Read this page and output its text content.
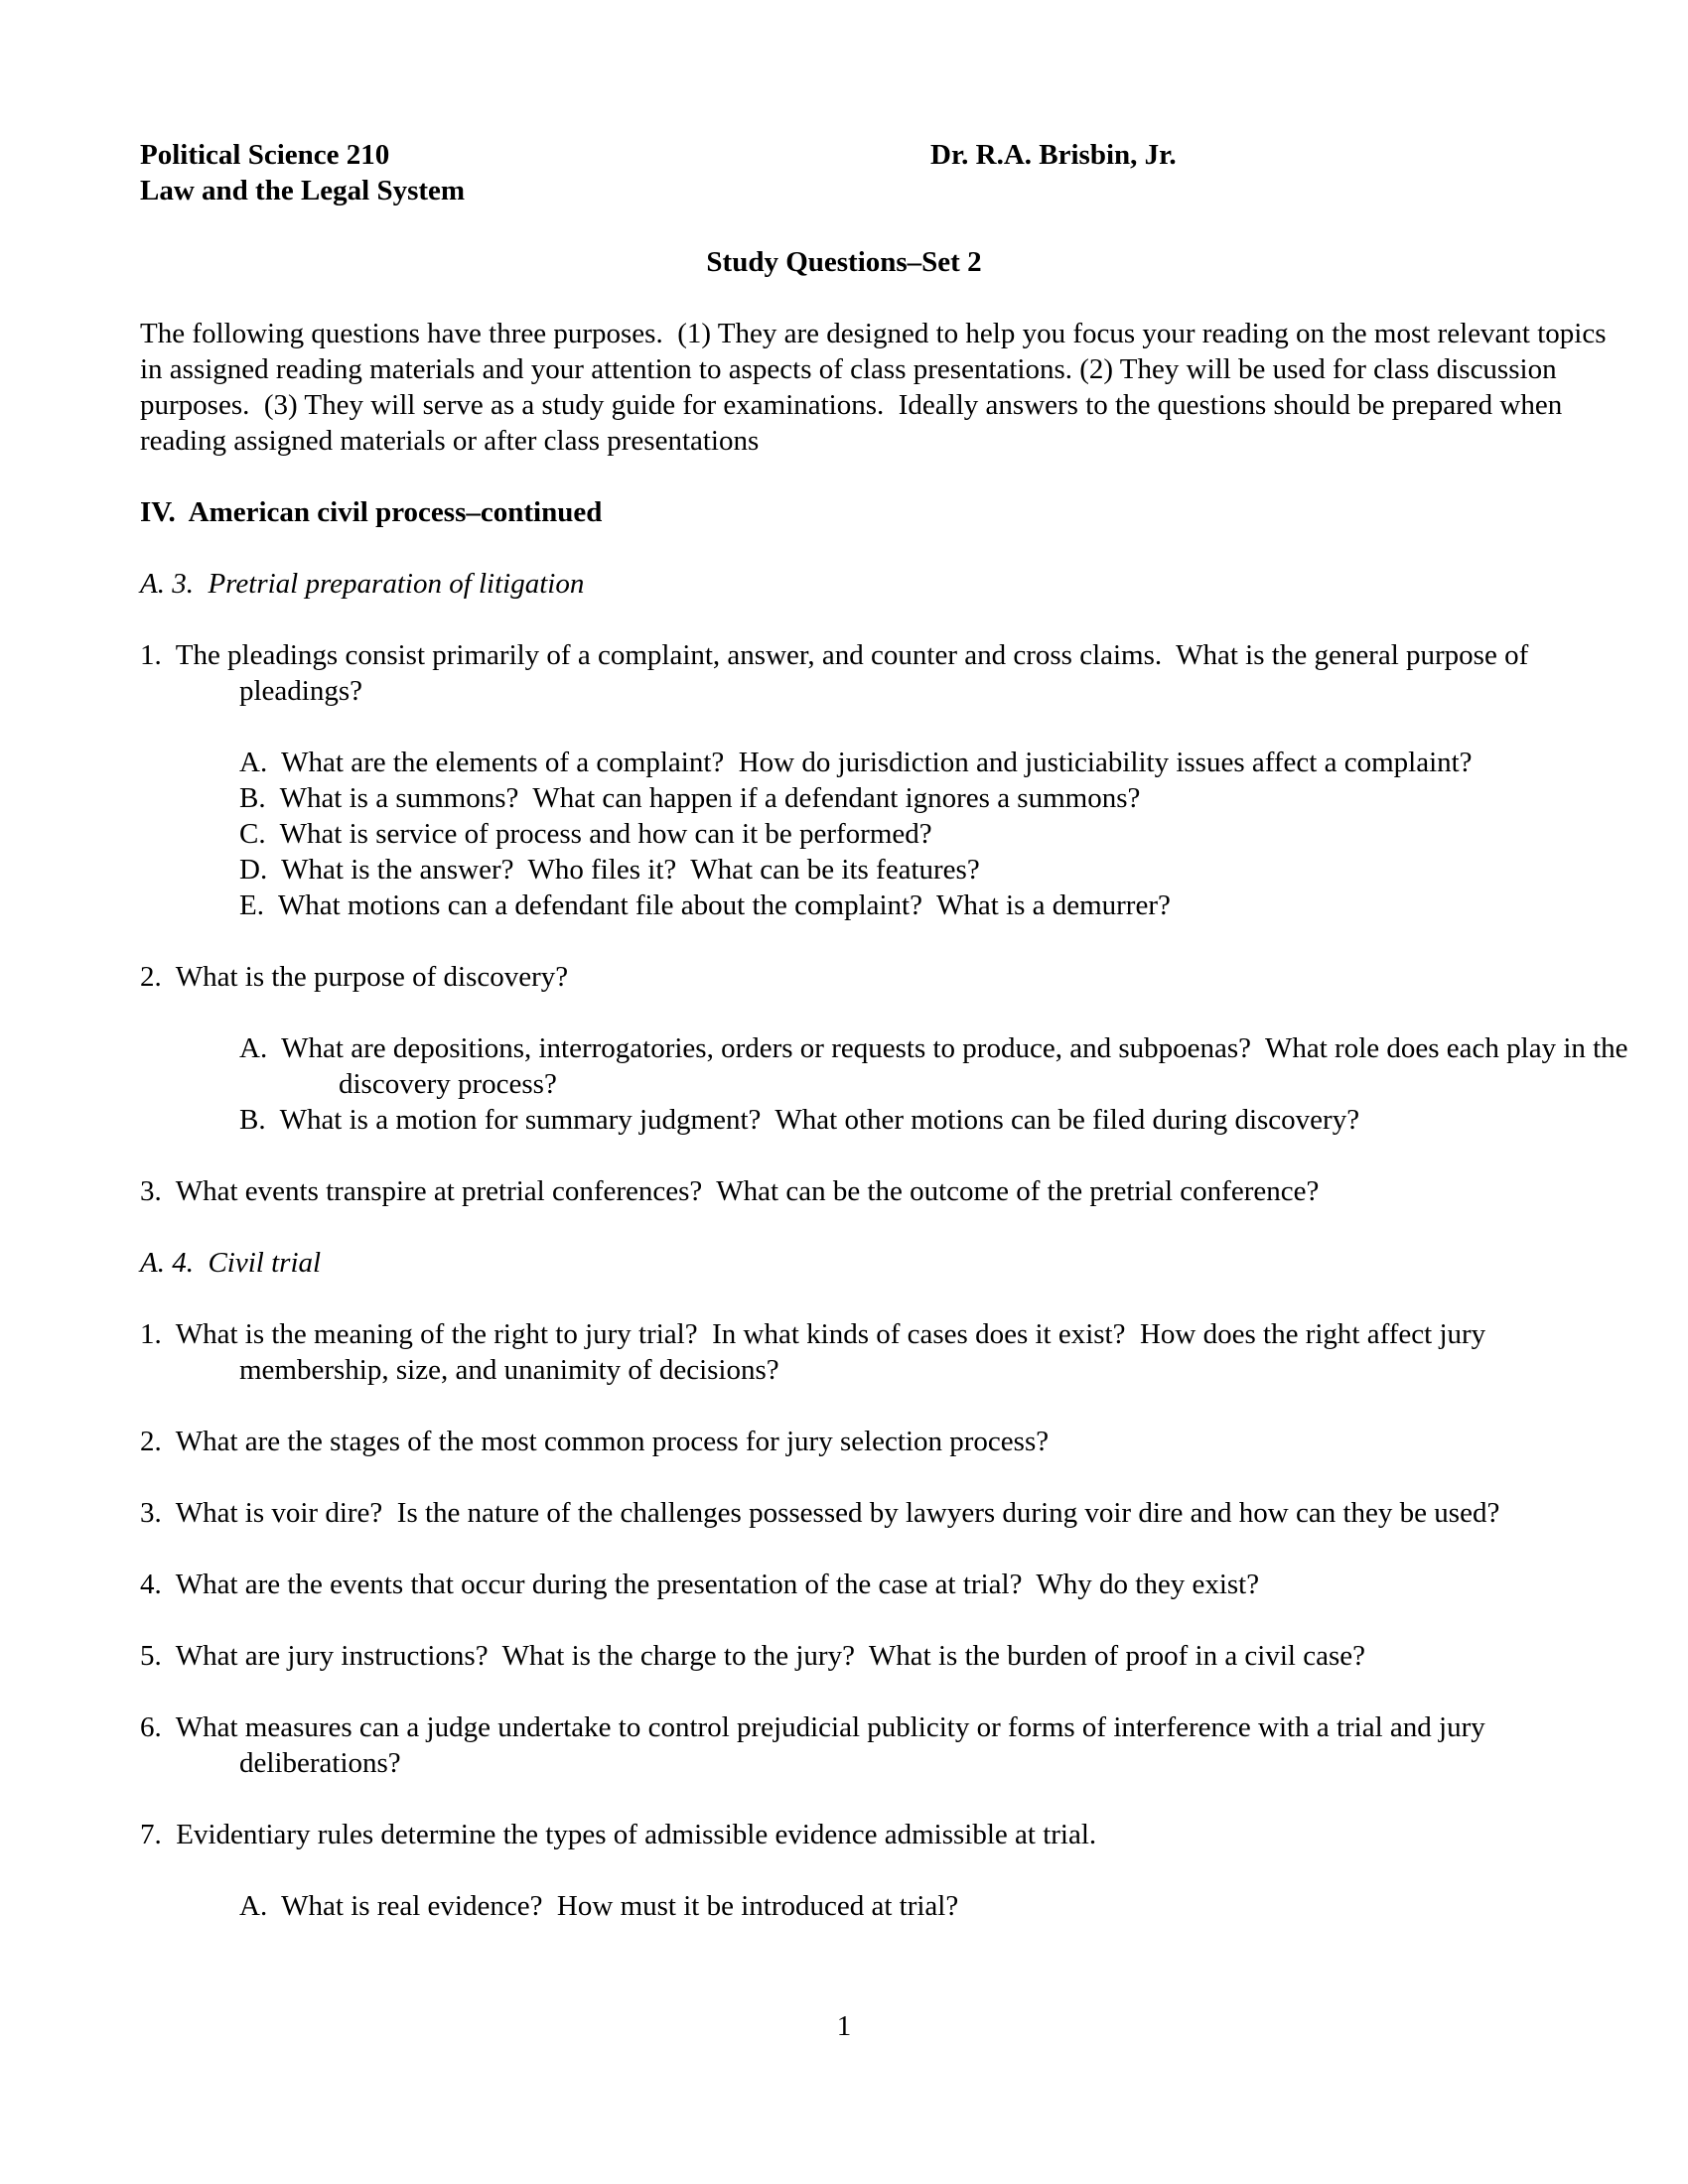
Political Science 210	Dr. R.A. Brisbin, Jr.
Law and the Legal System
Study Questions–Set 2
The following questions have three purposes.  (1) They are designed to help you focus your reading on the most relevant topics in assigned reading materials and your attention to aspects of class presentations. (2) They will be used for class discussion purposes.  (3) They will serve as a study guide for examinations.  Ideally answers to the questions should be prepared when reading assigned materials or after class presentations
IV.  American civil process–continued
A. 3.  Pretrial preparation of litigation
1.  The pleadings consist primarily of a complaint, answer, and counter and cross claims.  What is the general purpose of pleadings?
A.  What are the elements of a complaint?  How do jurisdiction and justiciability issues affect a complaint?
B.  What is a summons?  What can happen if a defendant ignores a summons?
C.  What is service of process and how can it be performed?
D.  What is the answer?  Who files it?  What can be its features?
E.  What motions can a defendant file about the complaint?  What is a demurrer?
2.  What is the purpose of discovery?
A.  What are depositions, interrogatories, orders or requests to produce, and subpoenas?  What role does each play in the discovery process?
B.  What is a motion for summary judgment?  What other motions can be filed during discovery?
3.  What events transpire at pretrial conferences?  What can be the outcome of the pretrial conference?
A. 4.  Civil trial
1.  What is the meaning of the right to jury trial?  In what kinds of cases does it exist?  How does the right affect jury membership, size, and unanimity of decisions?
2.  What are the stages of the most common process for jury selection process?
3.  What is voir dire?  Is the nature of the challenges possessed by lawyers during voir dire and how can they be used?
4.  What are the events that occur during the presentation of the case at trial?  Why do they exist?
5.  What are jury instructions?  What is the charge to the jury?  What is the burden of proof in a civil case?
6.  What measures can a judge undertake to control prejudicial publicity or forms of interference with a trial and jury deliberations?
7.  Evidentiary rules determine the types of admissible evidence admissible at trial.
A.  What is real evidence?  How must it be introduced at trial?
1
